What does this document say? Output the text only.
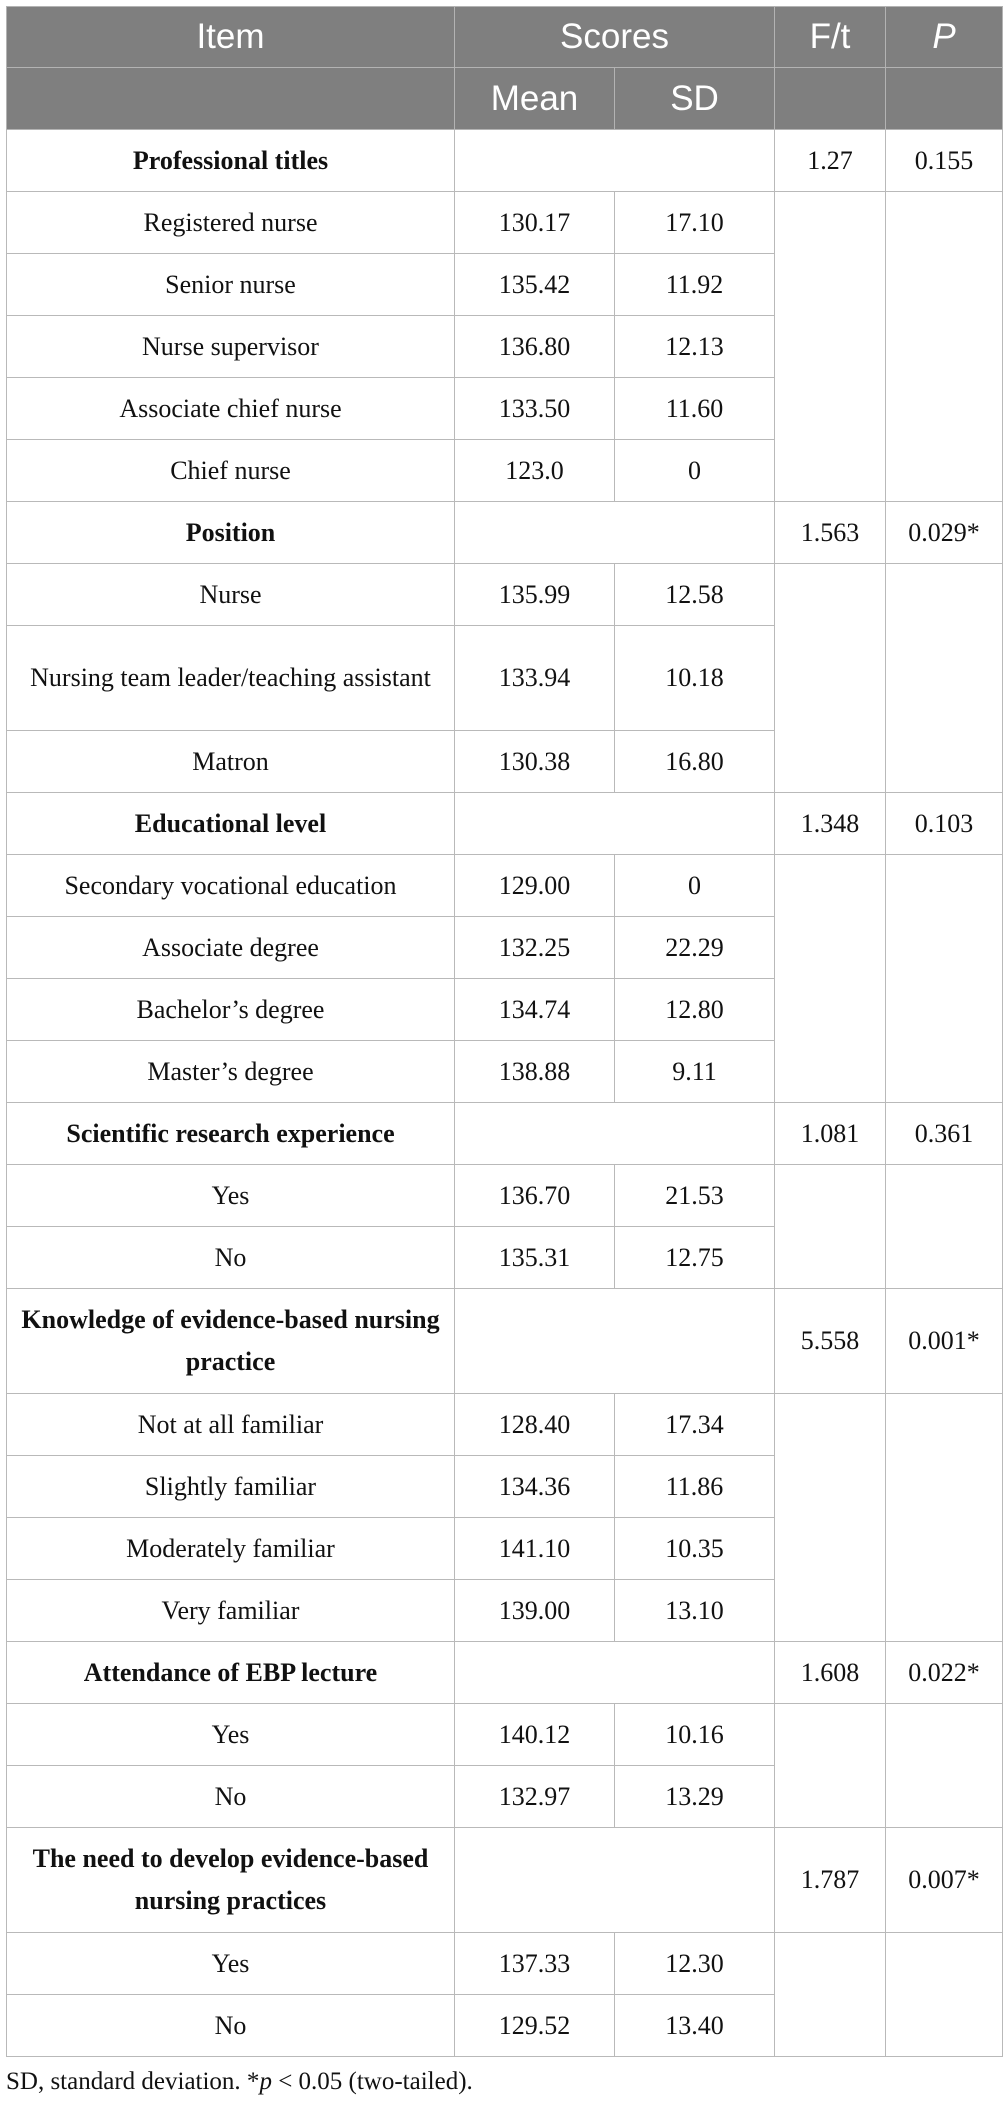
Item	Scores		F/t	P
	Mean	SD		
Professional titles			1.27	0.155
Registered nurse	130.17	17.10		
Senior nurse	135.42	11.92		
Nurse supervisor	136.80	12.13		
Associate chief nurse	133.50	11.60		
Chief nurse	123.0	0		
Position			1.563	0.029*
Nurse	135.99	12.58		
Nursing team leader/teaching assistant	133.94	10.18		
Matron	130.38	16.80		
Educational level			1.348	0.103
Secondary vocational education	129.00	0		
Associate degree	132.25	22.29		
Bachelor’s degree	134.74	12.80		
Master’s degree	138.88	9.11		
Scientific research experience			1.081	0.361
Yes	136.70	21.53		
No	135.31	12.75		
Knowledge of evidence-based nursing practice			5.558	0.001*
Not at all familiar	128.40	17.34		
Slightly familiar	134.36	11.86		
Moderately familiar	141.10	10.35		
Very familiar	139.00	13.10		
Attendance of EBP lecture			1.608	0.022*
Yes	140.12	10.16		
No	132.97	13.29		
The need to develop evidence-based nursing practices			1.787	0.007*
Yes	137.33	12.30		
No	129.52	13.40		
SD, standard deviation. *p < 0.05 (two-tailed).
